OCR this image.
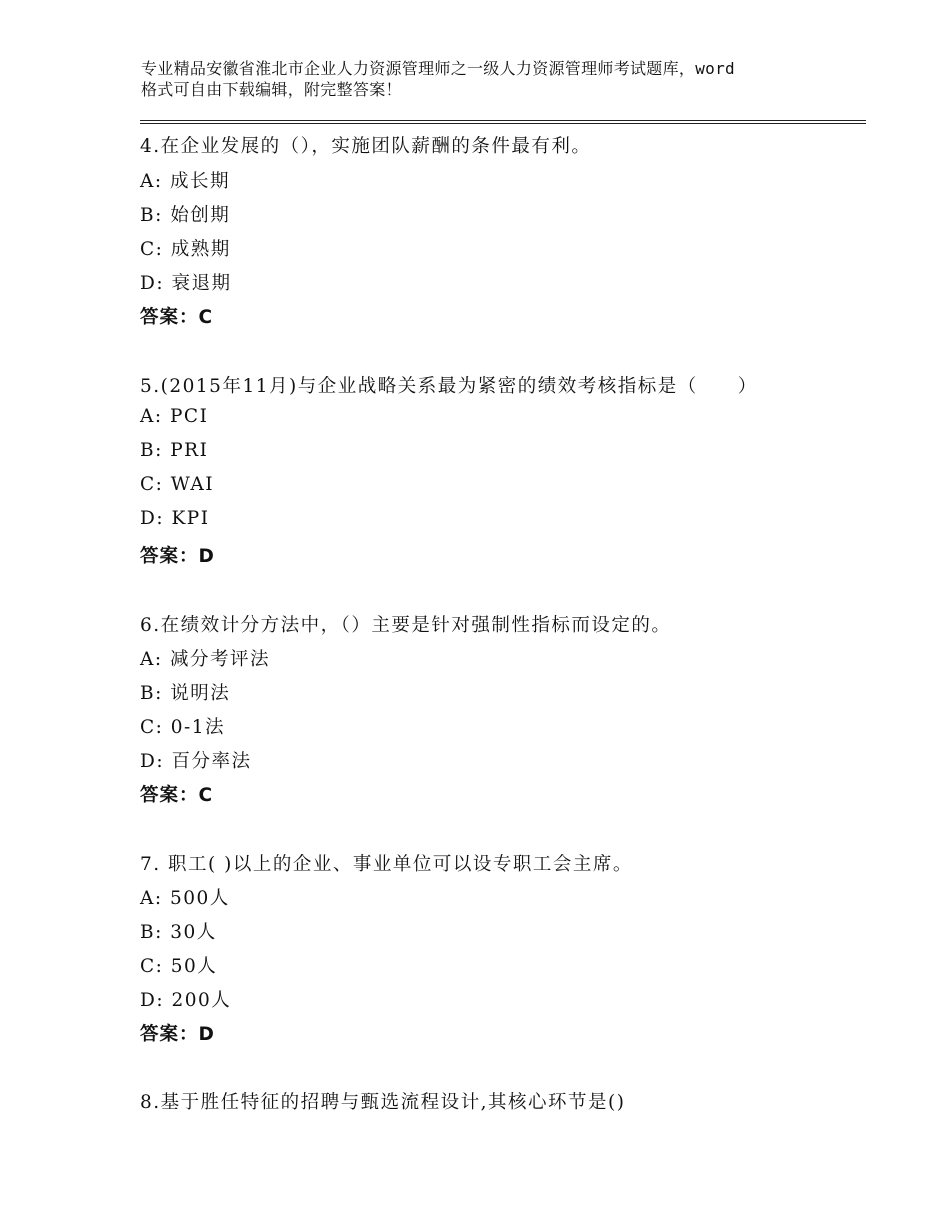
专业精品安徽省淮北市企业人力资源管理师之一级人力资源管理师考试题库，word
格式可自由下载编辑，附完整答案！
4.在企业发展的（），实施团队薪酬的条件最有利。
A: 成长期
B: 始创期
C: 成熟期
D: 衰退期
答案：C
5.(2015年11月)与企业战略关系最为紧密的绩效考核指标是（　　）
A: PCI
B: PRI
C: WAI
D: KPI
答案：D
6.在绩效计分方法中，（）主要是针对强制性指标而设定的。
A: 减分考评法
B: 说明法
C: 0-1法
D: 百分率法
答案：C
7. 职工( )以上的企业、事业单位可以设专职工会主席。
A: 500人
B: 30人
C: 50人
D: 200人
答案：D
8.基于胜任特征的招聘与甄选流程设计,其核心环节是()
